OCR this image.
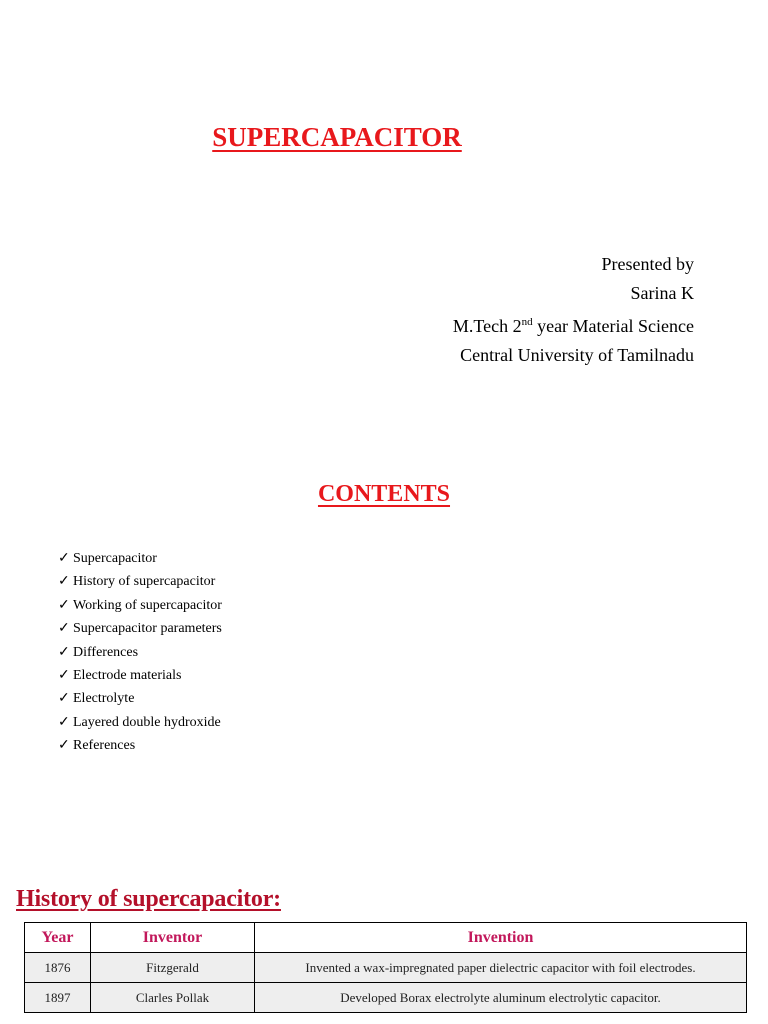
SUPERCAPACITOR
Presented by
Sarina K
M.Tech 2nd year Material Science
Central University of Tamilnadu
CONTENTS
✓ Supercapacitor
✓ History of supercapacitor
✓ Working of supercapacitor
✓ Supercapacitor parameters
✓ Differences
✓ Electrode materials
✓ Electrolyte
✓ Layered double hydroxide
✓ References
History of supercapacitor:
Year	Inventor	Invention
1876	Fitzgerald	Invented a wax-impregnated paper dielectric capacitor with foil electrodes.
1897	Clarles Pollak	Developed Borax electrolyte aluminum electrolytic capacitor.
